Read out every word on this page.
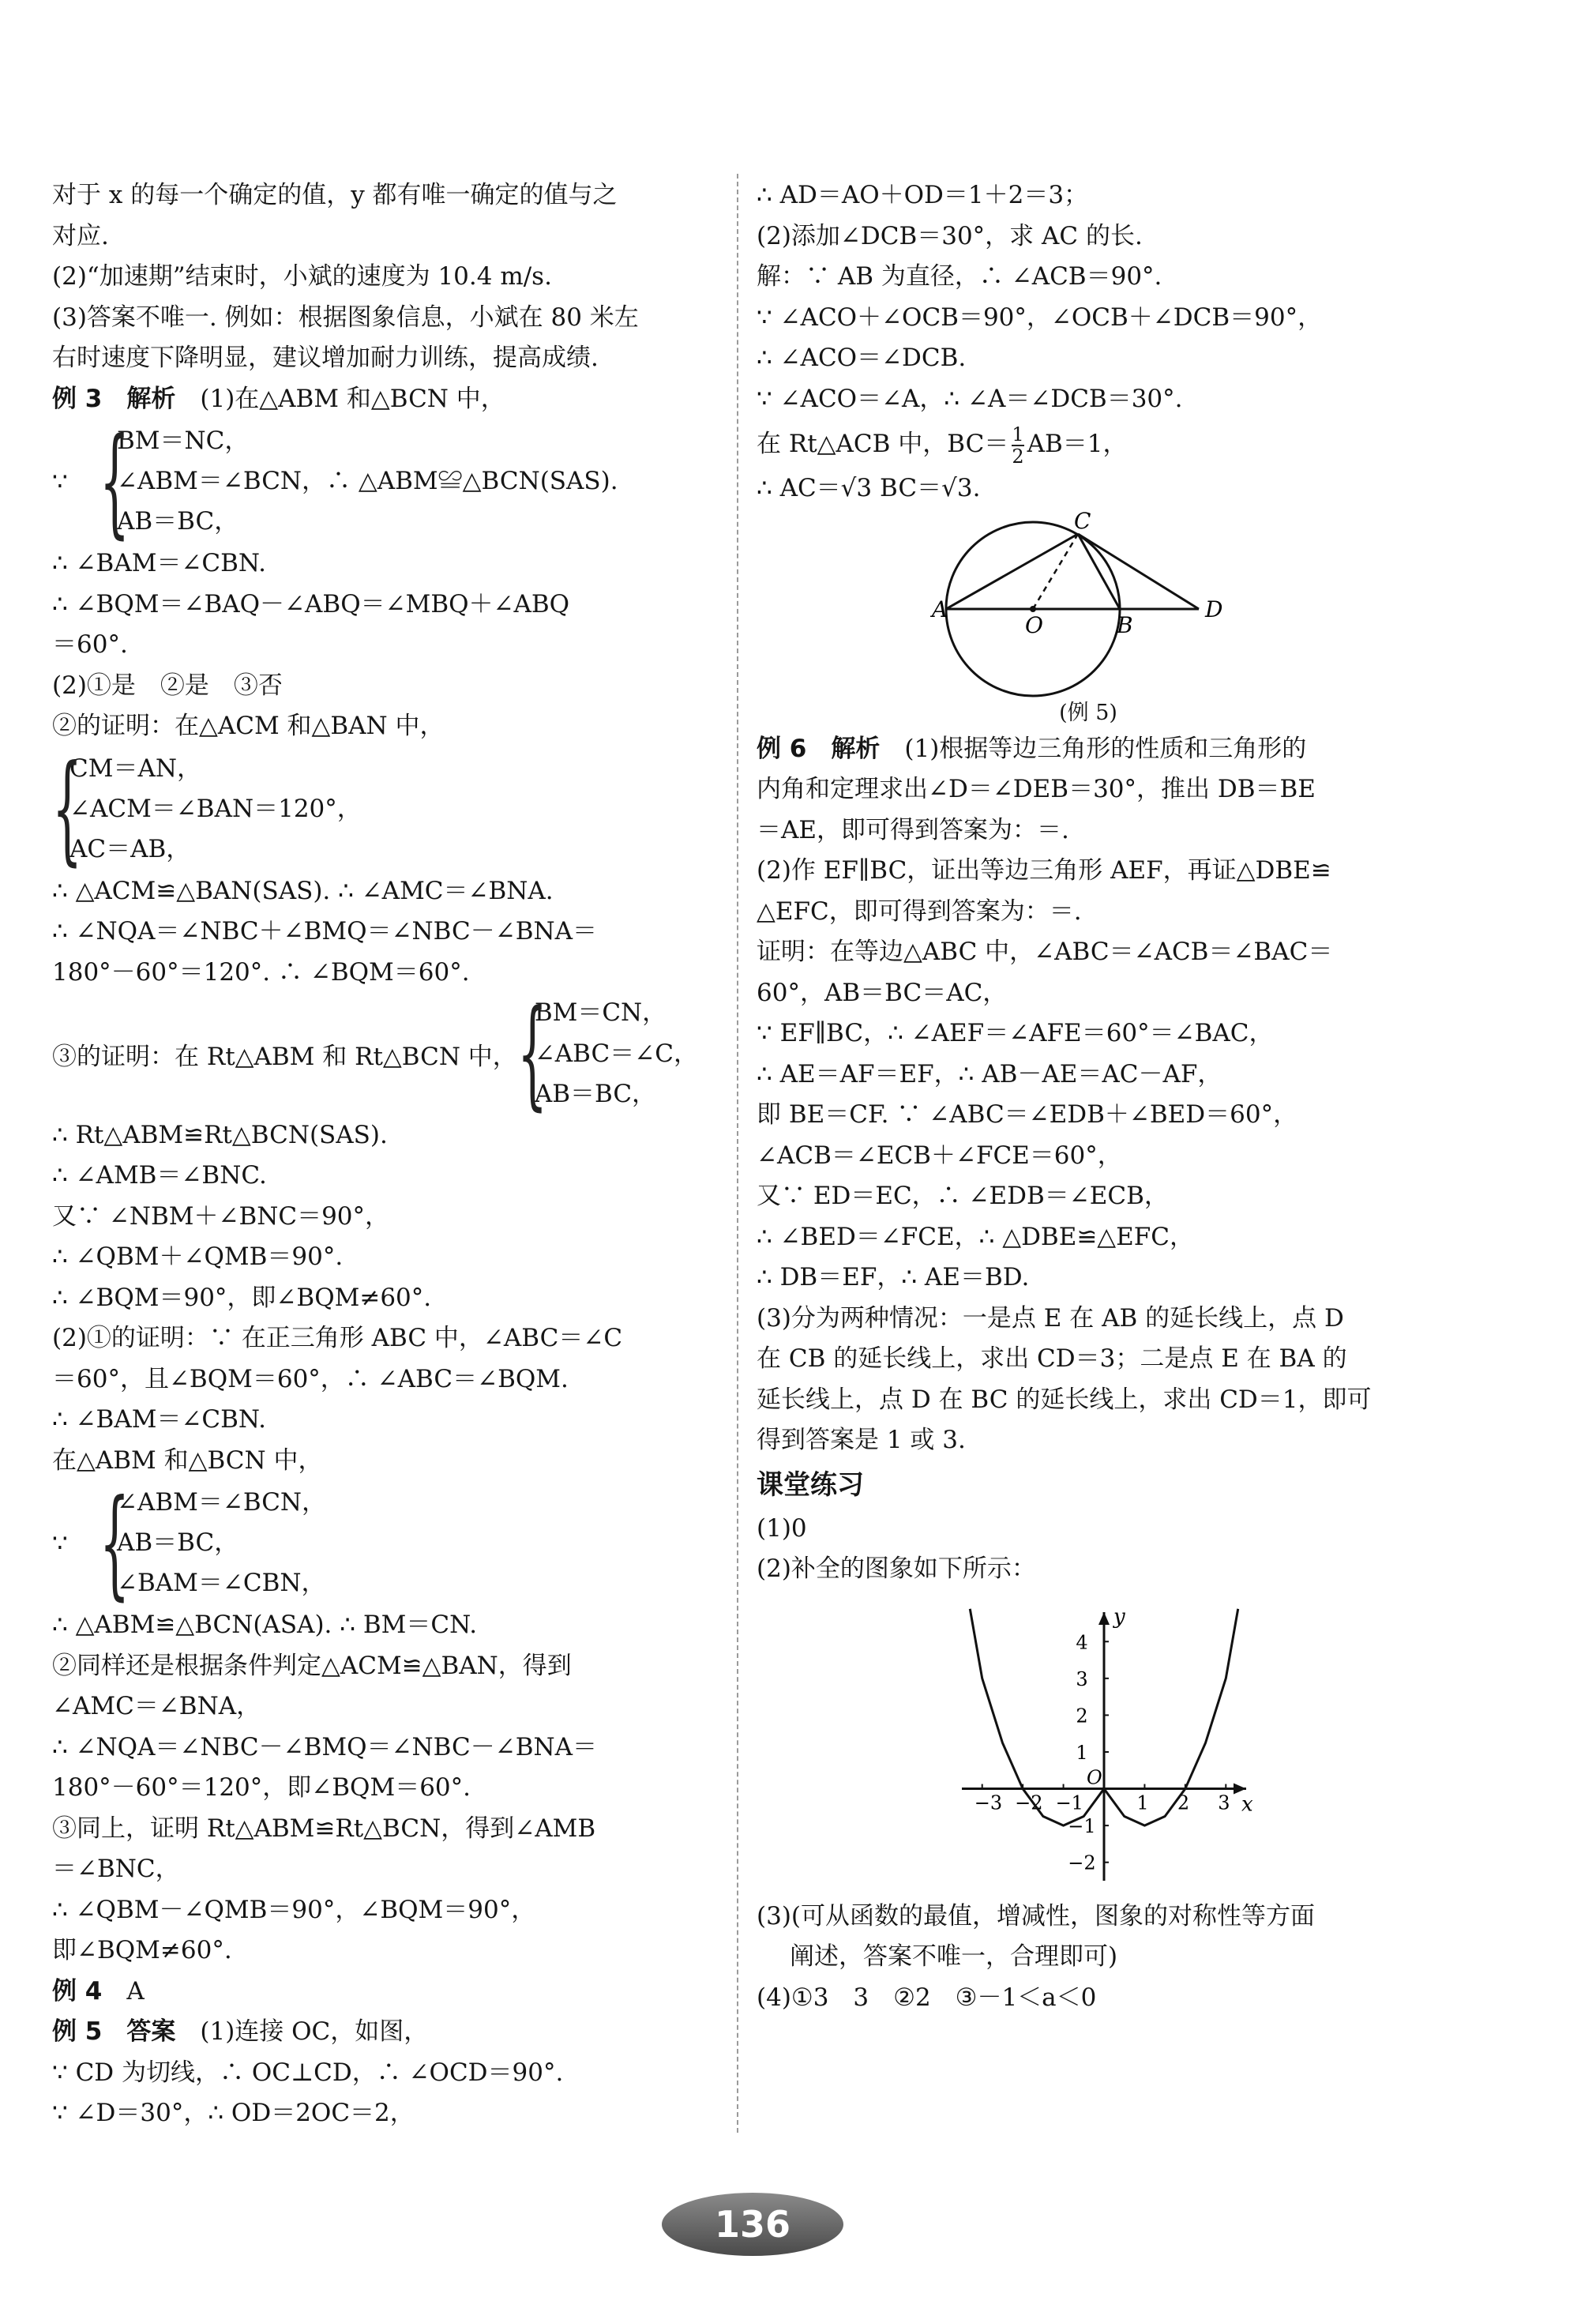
对于 x 的每一个确定的值，y 都有唯一确定的值与之
对应.
(2)“加速期”结束时，小斌的速度为 10.4 m/s.
(3)答案不唯一. 例如：根据图象信息，小斌在 80 米左
右时速度下降明显，建议增加耐力训练，提高成绩.
例 3　解析　(1)在△ABM 和△BCN 中，
∵ {
BM＝NC，
∠ABM＝∠BCN，∴ △ABM≌△BCN(SAS).
AB＝BC，
∴ ∠BAM＝∠CBN.
∴ ∠BQM＝∠BAQ－∠ABQ＝∠MBQ＋∠ABQ
＝60°.
(2)①是　②是　③否
②的证明：在△ACM 和△BAN 中，
{
CM＝AN，
∠ACM＝∠BAN＝120°，
AC＝AB，
∴ △ACM≌△BAN(SAS). ∴ ∠AMC＝∠BNA.
∴ ∠NQA＝∠NBC＋∠BMQ＝∠NBC－∠BNA＝
180°－60°＝120°. ∴ ∠BQM＝60°.
③的证明：在 Rt△ABM 和 Rt△BCN 中， {
BM＝CN，
∠ABC＝∠C，
AB＝BC，
∴ Rt△ABM≌Rt△BCN(SAS).
∴ ∠AMB＝∠BNC.
又∵ ∠NBM＋∠BNC＝90°，
∴ ∠QBM＋∠QMB＝90°.
∴ ∠BQM＝90°，即∠BQM≠60°.
(2)①的证明：∵ 在正三角形 ABC 中，∠ABC＝∠C
＝60°，且∠BQM＝60°，∴ ∠ABC＝∠BQM.
∴ ∠BAM＝∠CBN.
在△ABM 和△BCN 中，
∵ {
∠ABM＝∠BCN，
AB＝BC，
∠BAM＝∠CBN，
∴ △ABM≌△BCN(ASA). ∴ BM＝CN.
②同样还是根据条件判定△ACM≌△BAN，得到
∠AMC＝∠BNA，
∴ ∠NQA＝∠NBC－∠BMQ＝∠NBC－∠BNA＝
180°－60°＝120°，即∠BQM＝60°.
③同上，证明 Rt△ABM≌Rt△BCN，得到∠AMB
＝∠BNC，
∴ ∠QBM－∠QMB＝90°，∠BQM＝90°，
即∠BQM≠60°.
例 4　A
例 5　答案　(1)连接 OC，如图，
∵ CD 为切线，∴ OC⊥CD，∴ ∠OCD＝90°.
∵ ∠D＝30°，∴ OD＝2OC＝2，
∴ AD＝AO＋OD＝1＋2＝3；
(2)添加∠DCB＝30°，求 AC 的长.
解：∵ AB 为直径，∴ ∠ACB＝90°.
∵ ∠ACO＋∠OCB＝90°，∠OCB＋∠DCB＝90°，
∴ ∠ACO＝∠DCB.
∵ ∠ACO＝∠A，∴ ∠A＝∠DCB＝30°.
在 Rt△ACB 中，$BC= \frac{1}{2} AB=1$，
∴ AC＝√3 BC＝√3.
A
O	B
C
D
(例 5)
例 6　解析　(1)根据等边三角形的性质和三角形的
内角和定理求出∠D＝∠DEB＝30°，推出 DB＝BE
＝AE，即可得到答案为：＝.
(2)作 EF∥BC，证出等边三角形 AEF，再证△DBE≌
△EFC，即可得到答案为：＝.
证明：在等边△ABC 中，∠ABC＝∠ACB＝∠BAC＝
60°，AB＝BC＝AC，
∵ EF∥BC，∴ ∠AEF＝∠AFE＝60°＝∠BAC，
∴ AE＝AF＝EF，∴ AB－AE＝AC－AF，
即 BE＝CF. ∵ ∠ABC＝∠EDB＋∠BED＝60°，
∠ACB＝∠ECB＋∠FCE＝60°，
又∵ ED＝EC，∴ ∠EDB＝∠ECB，
∴ ∠BED＝∠FCE，∴ △DBE≌△EFC，
∴ DB＝EF，∴ AE＝BD.
(3)分为两种情况：一是点 E 在 AB 的延长线上，点 D
在 CB 的延长线上，求出 CD＝3；二是点 E 在 BA 的
延长线上，点 D 在 BC 的延长线上，求出 CD＝1，即可
得到答案是 1 或 3.
课堂练习
(1)0
(2)补全的图象如下所示：
−3 −2 −1	1 2 3
−2
−1
1
2
3
4
x
y
O
(3)(可从函数的最值，增减性，图象的对称性等方面
阐述，答案不唯一，合理即可)
(4)①3　3　②2　③－1＜a＜0
136
